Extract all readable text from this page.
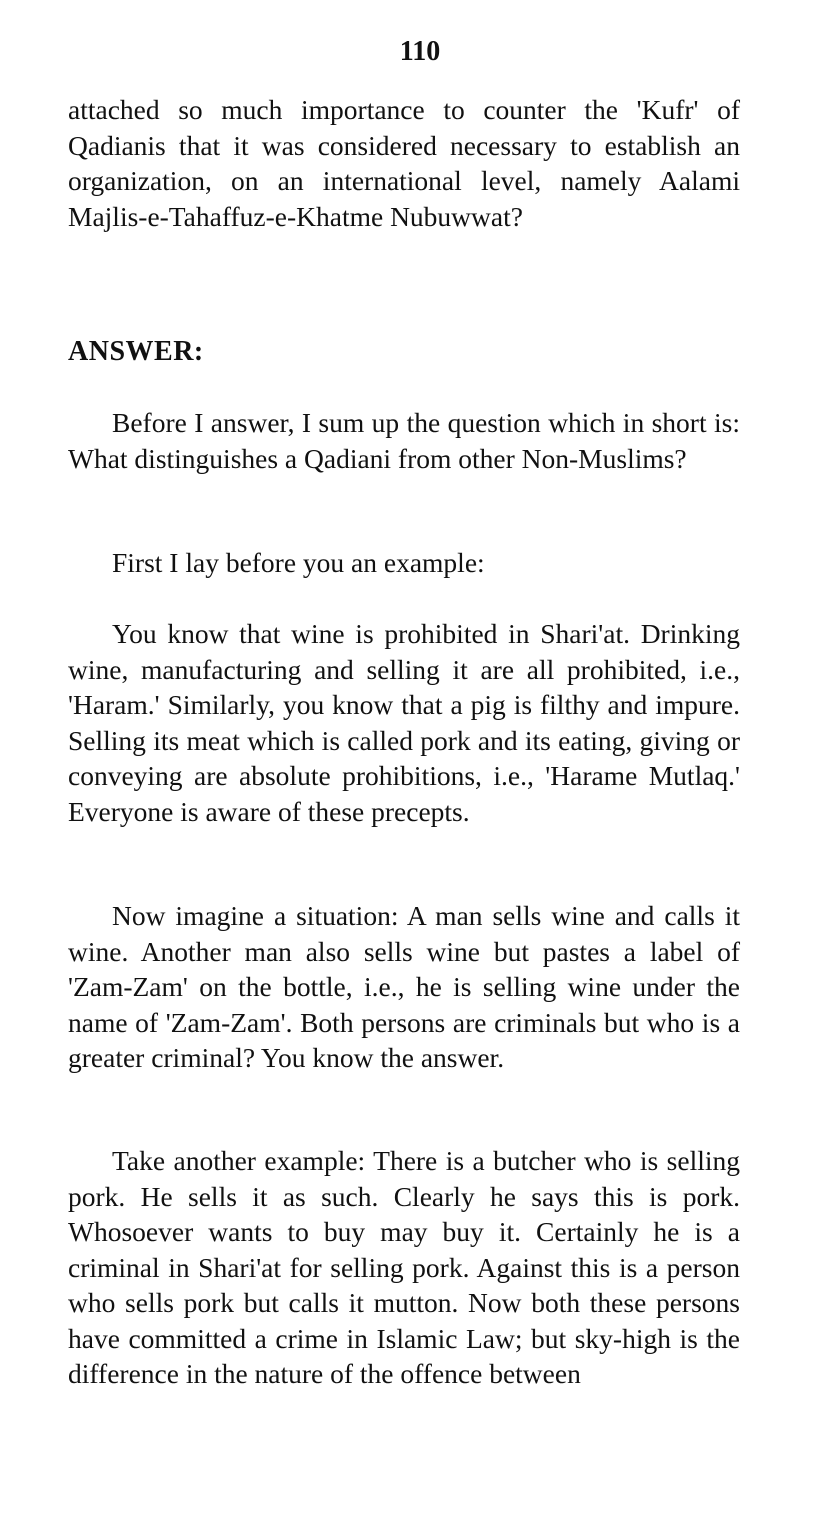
110

attached so much importance to counter the 'Kufr' of Qadianis that it was considered necessary to establish an organization, on an international level, namely Aalami Majlis-e-Tahaffuz-e-Khatme Nubuwwat?

ANSWER:

Before I answer, I sum up the question which in short is: What distinguishes a Qadiani from other Non-Muslims?

First I lay before you an example:

You know that wine is prohibited in Shari'at. Drinking wine, manufacturing and selling it are all prohibited, i.e., 'Haram.' Similarly, you know that a pig is filthy and impure. Selling its meat which is called pork and its eating, giving or conveying are absolute prohibitions, i.e., 'Harame Mutlaq.' Everyone is aware of these precepts.

Now imagine a situation: A man sells wine and calls it wine. Another man also sells wine but pastes a label of 'Zam-Zam' on the bottle, i.e., he is selling wine under the name of 'Zam-Zam'. Both persons are criminals but who is a greater criminal? You know the answer.

Take another example: There is a butcher who is selling pork. He sells it as such. Clearly he says this is pork. Whosoever wants to buy may buy it. Certainly he is a criminal in Shari'at for selling pork. Against this is a person who sells pork but calls it mutton. Now both these persons have committed a crime in Islamic Law; but sky-high is the difference in the nature of the offence between
